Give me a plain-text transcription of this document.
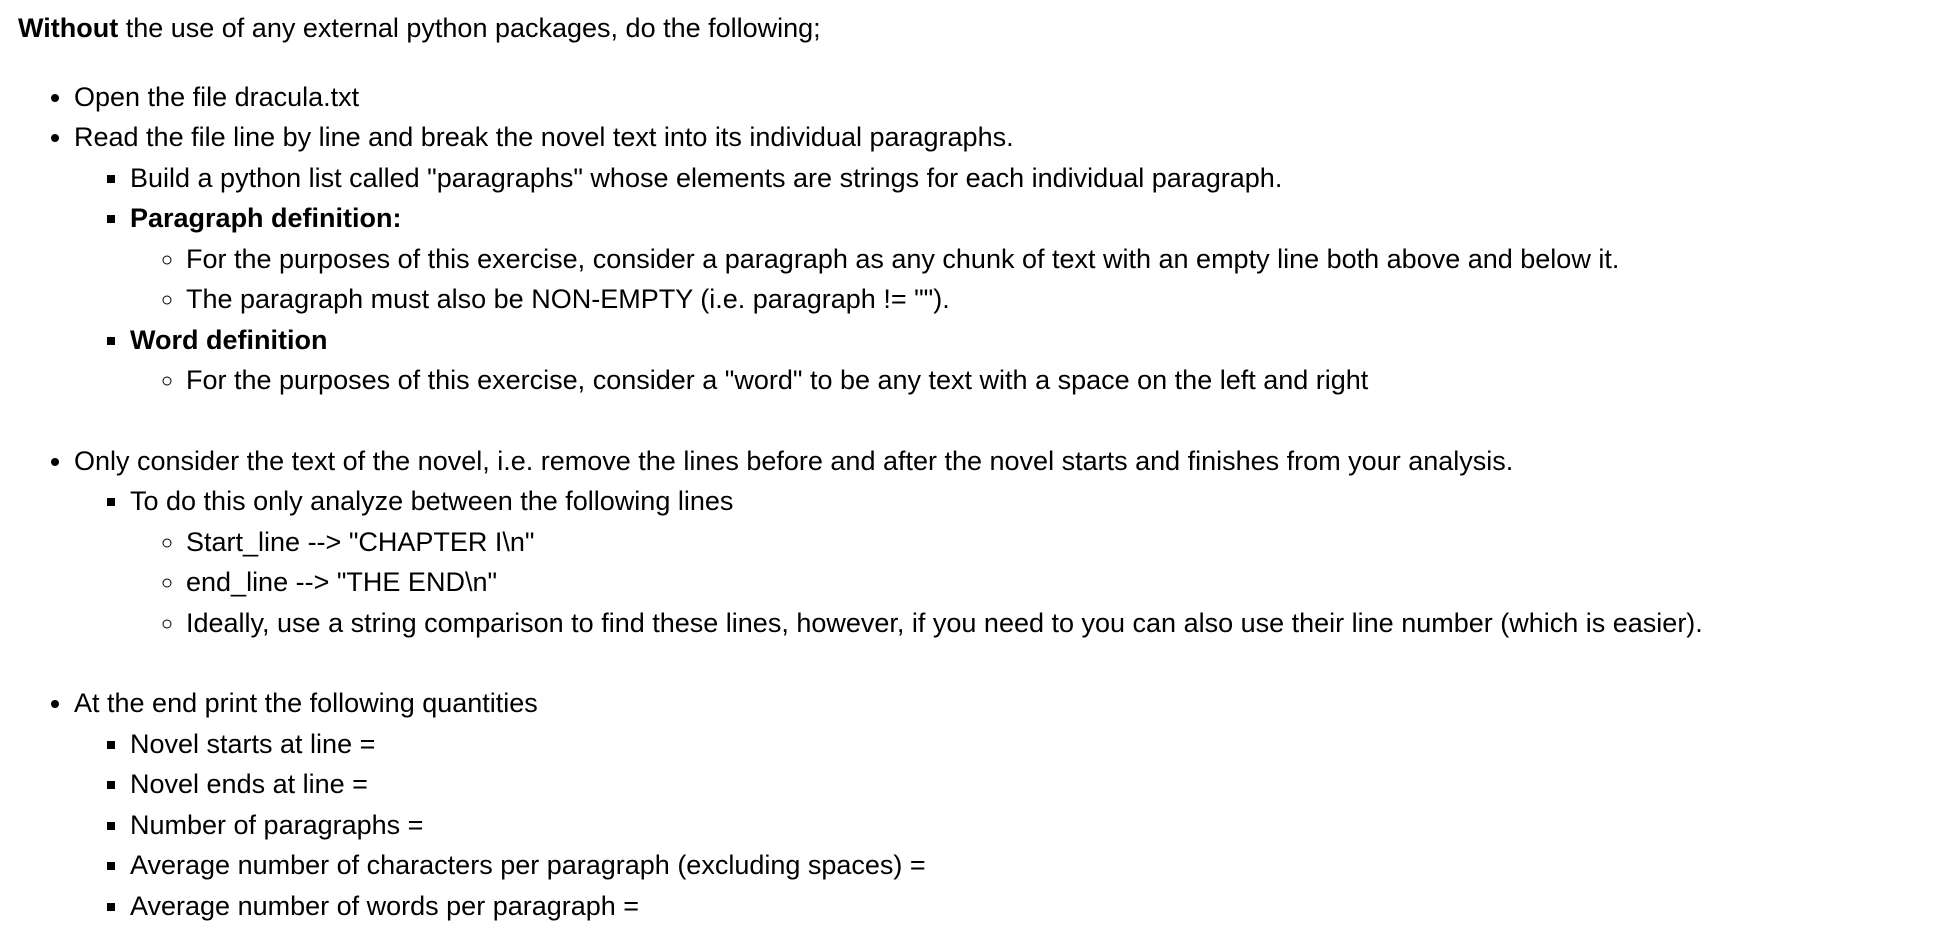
Without the use of any external python packages, do the following;

• Open the file dracula.txt
• Read the file line by line and break the novel text into its individual paragraphs.
▪ Build a python list called "paragraphs" whose elements are strings for each individual paragraph.
▪ Paragraph definition:
◦ For the purposes of this exercise, consider a paragraph as any chunk of text with an empty line both above and below it.
◦ The paragraph must also be NON-EMPTY (i.e. paragraph != "").
▪ Word definition
◦ For the purposes of this exercise, consider a "word" to be any text with a space on the left and right
• Only consider the text of the novel, i.e. remove the lines before and after the novel starts and finishes from your analysis.
▪ To do this only analyze between the following lines
◦ Start_line --> "CHAPTER I\n"
◦ end_line --> "THE END\n"
◦ Ideally, use a string comparison to find these lines, however, if you need to you can also use their line number (which is easier).
• At the end print the following quantities
▪ Novel starts at line =
▪ Novel ends at line =
▪ Number of paragraphs =
▪ Average number of characters per paragraph (excluding spaces) =
▪ Average number of words per paragraph =
